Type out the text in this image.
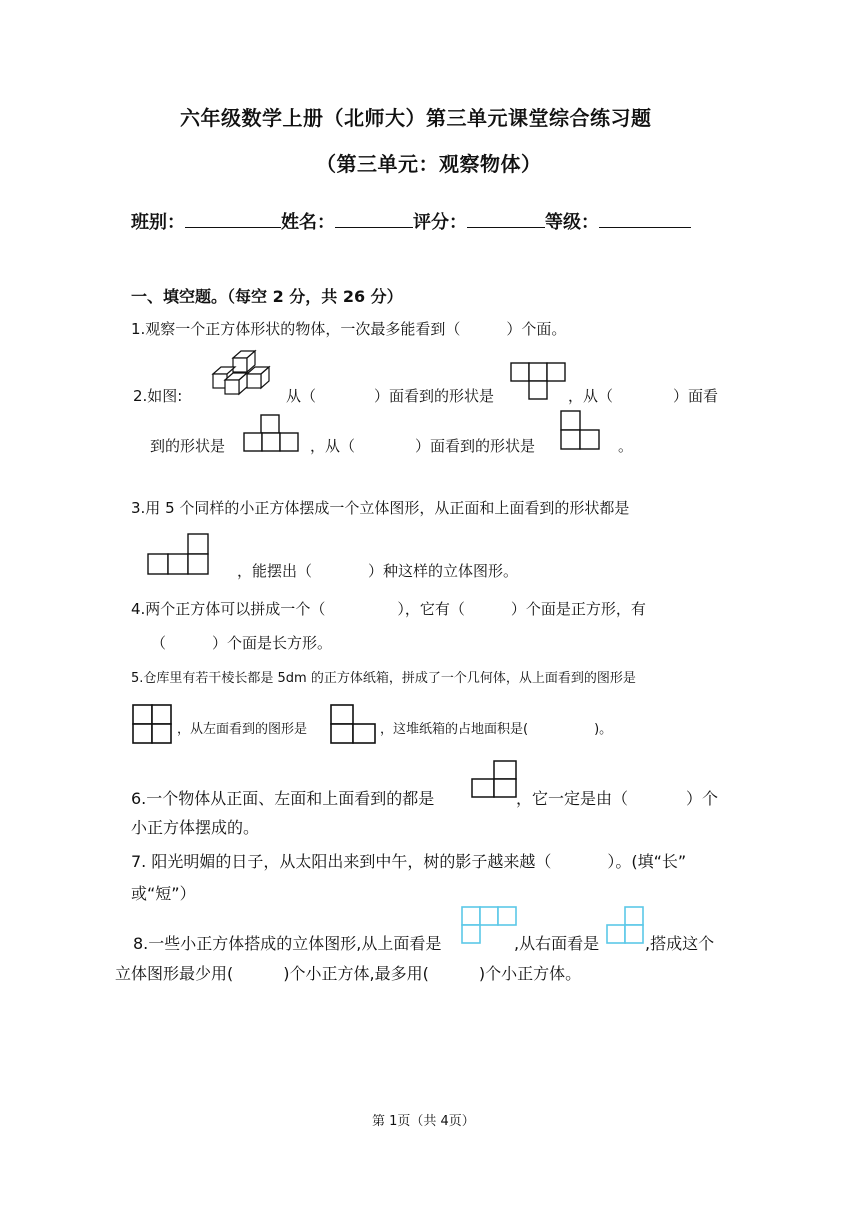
六年级数学上册（北师大）第三单元课堂综合练习题
（第三单元：观察物体）
班别：	姓名：	评分：	等级：
一、填空题。（每空 2 分，共 26 分）
1.观察一个正方体形状的物体，一次最多能看到（	）个面。
2.如图:	从（	）面看到的形状是	，从（	）面看
到的形状是	，从（	）面看到的形状是	。
3.用 5 个同样的小正方体摆成一个立体图形，从正面和上面看到的形状都是
，能摆出（	）种这样的立体图形。
4.两个正方体可以拼成一个（	），它有（	）个面是正方形，有
（	）个面是长方形。
5.仓库里有若干棱长都是 5dm 的正方体纸箱，拼成了一个几何体，从上面看到的图形是
，从左面看到的图形是	，这堆纸箱的占地面积是(	)。
6.一个物体从正面、左面和上面看到的都是	，它一定是由（	）个
小正方体摆成的。
7. 阳光明媚的日子，从太阳出来到中午，树的影子越来越（	）。(填“长”
或“短”）
8.一些小正方体搭成的立体图形,从上面看是	,从右面看是	,搭成这个
立体图形最少用(	)个小正方体,最多用(	)个小正方体。
第 1页（共 4页）
